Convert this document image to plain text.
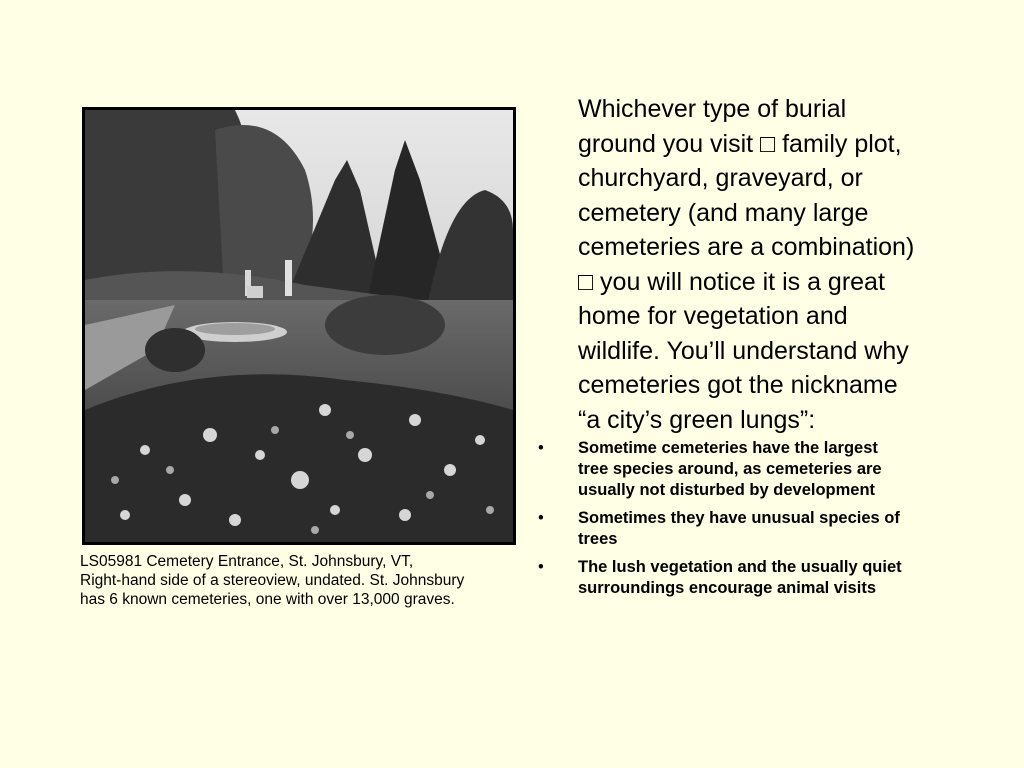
LS05981 Cemetery Entrance, St. Johnsbury, VT,
Right-hand side of a stereoview, undated. St. Johnsbury
has 6 known cemeteries, one with over 13,000 graves.
Whichever type of burial
ground you visit □ family plot,
churchyard, graveyard, or
cemetery (and many large
cemeteries are a combination)
□ you will notice it is a great
home for vegetation and
wildlife. You’ll understand why
cemeteries got the nickname
“a city’s green lungs”:
• Sometime cemeteries have the largest
tree species around, as cemeteries are
usually not disturbed by development
• Sometimes they have unusual species of
trees
• The lush vegetation and the usually quiet
surroundings encourage animal visits
